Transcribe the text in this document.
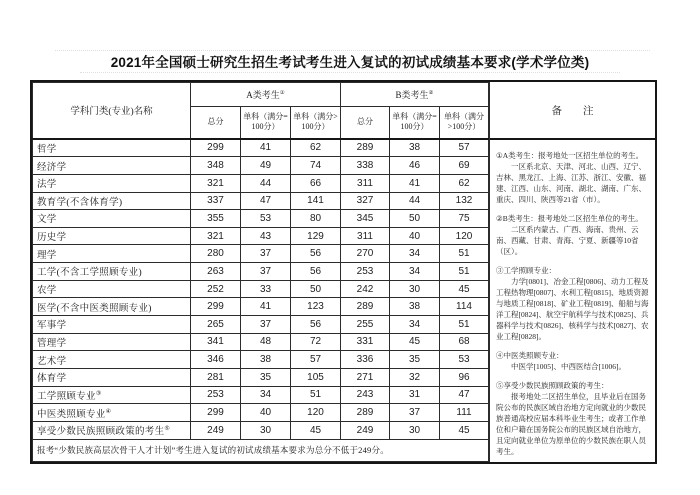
2021年全国硕士研究生招生考试考生进入复试的初试成绩基本要求(学术学位类)
学科门类(专业)名称	A类考生①			B类考生②
	总分	单科（满分=100分）	单科（满分>100分）	总分	单科（满分=100分）	单科（满分>100分）
哲学	299	41	62	289	38	57
经济学	348	49	74	338	46	69
法学	321	44	66	311	41	62
教育学(不含体育学)	337	47	141	327	44	132
文学	355	53	80	345	50	75
历史学	321	43	129	311	40	120
理学	280	37	56	270	34	51
工学(不含工学照顾专业)	263	37	56	253	34	51
农学	252	33	50	242	30	45
医学(不含中医类照顾专业)	299	41	123	289	38	114
军事学	265	37	56	255	34	51
管理学	341	48	72	331	45	68
艺术学	346	38	57	336	35	53
体育学	281	35	105	271	32	96
工学照顾专业③	253	34	51	243	31	47
中医类照顾专业④	299	40	120	289	37	111
享受少数民族照顾政策的考生⑤	249	30	45	249	30	45
报考“少数民族高层次骨干人才计划”考生进入复试的初试成绩基本要求为总分不低于249分。						
备　　注
①A类考生：报考地处一区招生单位的考生。
一区系北京、天津、河北、山西、辽宁、吉林、黑龙江、上海、江苏、浙江、安徽、福建、江西、山东、河南、湖北、湖南、广东、重庆、四川、陕西等21省（市）。
②B类考生：报考地处二区招生单位的考生。
二区系内蒙古、广西、海南、贵州、云南、西藏、甘肃、青海、宁夏、新疆等10省（区）。
③工学照顾专业：
力学[0801]、冶金工程[0806]、动力工程及工程热物理[0807]、水利工程[0815]、地质资源与地质工程[0818]、矿业工程[0819]、船舶与海洋工程[0824]、航空宇航科学与技术[0825]、兵器科学与技术[0826]、核科学与技术[0827]、农业工程[0828]。
④中医类照顾专业：
中医学[1005]、中西医结合[1006]。
⑤享受少数民族照顾政策的考生：
报考地处二区招生单位，且毕业后在国务院公布的民族区域自治地方定向就业的少数民族普通高校应届本科毕业生考生；或者工作单位和户籍在国务院公布的民族区域自治地方，且定向就业单位为原单位的少数民族在职人员考生。
